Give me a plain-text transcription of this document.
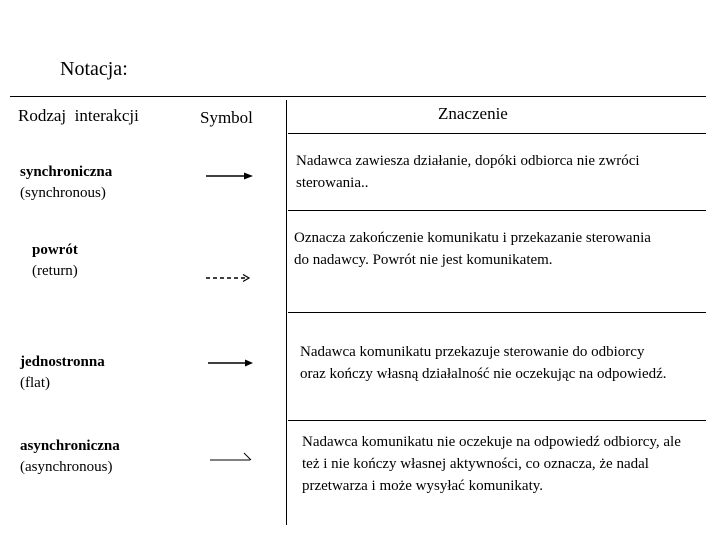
Notacja:
Rodzaj  interakcji	Symbol	Znaczenie
synchroniczna
(synchronous)
Nadawca zawiesza działanie, dopóki odbiorca nie zwróci sterowania..
powrót
(return)
Oznacza zakończenie komunikatu i przekazanie sterowania do nadawcy. Powrót nie jest komunikatem.
jednostronna
(flat)
Nadawca komunikatu przekazuje sterowanie do odbiorcy oraz kończy własną działalność nie oczekując na odpowiedź.
asynchroniczna
(asynchronous)
Nadawca komunikatu nie oczekuje na odpowiedź odbiorcy, ale też i nie kończy własnej aktywności, co oznacza, że nadal przetwarza i może wysyłać komunikaty.
